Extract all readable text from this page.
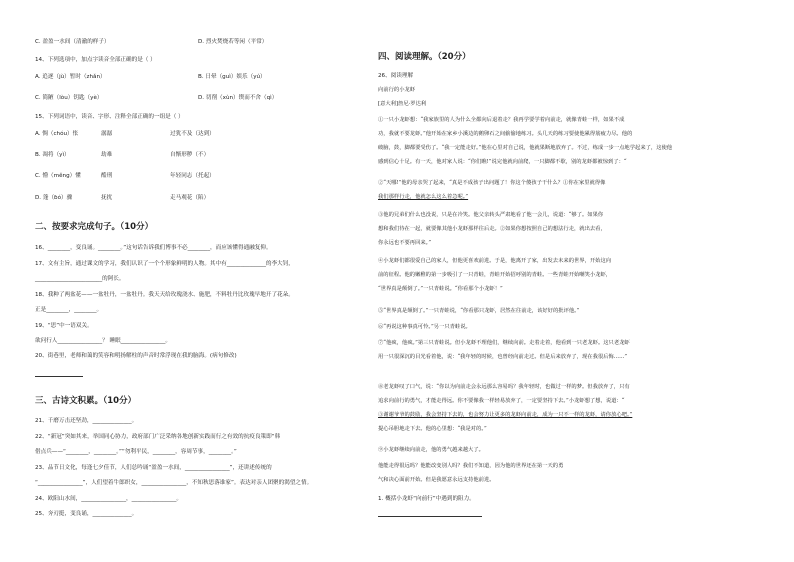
C. 盈盈一水间（清澈的样子）	D. 烈火焚烧若等闲（平常）
14、下列选项中，加点字读音全部正确的是（ ）
A. 追逐（jù）暂时（zhǎn）	B. 日晕（guì）娱乐（yú）
C. 简陋（lòu）钥匙（yè）	D. 切削（xùn）锲而不舍（qì）
15、下列词语中，读音、字形、注释全部正确的一组是（ ）
A. 惆（chóu）怅	潺潺	过犹不及（达到）
B. 凋将（yì）	劫难	自惭形秽（不）
C. 懵（měng）懂	酷刑	年轻同志（托起）
D. 蓬（ɓó）骤	抚扰	走马观花（陷）
二、按要求完成句子。（10分）
16、________，变良诵。________。”这句话告诉我们博事不必________，而应该懂得通融复仰。
17、文有主旨，通过课文的学习，我们认识了一个个形象鲜明的人物。其中有______________的李大钊，
________________________的阿长。
18、我种了两盆花——一盆牡丹，一盆牡丹。我天天给玫瑰浇水、施肥，不料牡丹比玫瑰早地开了花朵。
正是________，________。
19、“思”中一语双关。
欲问行人________________？ 睡眠________________。
20、街巷里，老师和蔼的笑容和明扬解柱的声音时常浮现在我的脑海。(病句修改)
三、古诗文积累。（10分）
21、千磨万击还坚劲，______________。
22、“新冠”突如其来，举国同心协力，政府部门广泛采纳各地创新实践而行之有效的抗疫良策即“韩
借点兵——“________，________。”“勿利平民，________，容周节事，________。”
23、品节日文化，每逢七夕佳节，人们总吟诵“盈盈一水间，________________”，还讲述传统的
“________________”，人们望着牛郎织女，________________，不知秋思落谁家”。表达对亲人团聚的渴望之情。
24、欧阳山水间，________________，________________。
25、夯刃挺，变良诵，______________。
四、阅读理解。（20分）
26、阅读理解
向前行的小龙虾
[意大利]詹尼·罗达利
①一只小龙虾想：“我家族里的人为什么全都向后退着走？我再学要学着向前走，就像青蛙一样，如果不成
功，我就不要龙虾。”他开始在家乡小溪边的鹅卵石之间偷偷地练习。头几天的练习要使他累得筋疲力尽。他的
破脑，鼓，脚都要受伤了。“我一定能走好。”他在心里对自己说，他就果断地放弃了。不过，练成一步一点地学起来了，这使他
感到信心十足。有一天，他对家人说：“你们瞧!”说完他就向前爬，一只脚都不歇，别的龙虾都被惊到了：“
②“天哪!”他的母亲哭了起来，“真是不成孩子出问题了！你这个傻孩子干什么？①你在家里就得像
我们那样行走，他就怎么这么着急呢。”
③他的兄弟们什么也没说，只是在冷笑。他父亲转头严肃地看了他一会儿，说道：“够了。如果你
想和我们待在一起，就要像其他小龙虾那样往后走。②如果你想按照自己的想法行走，就出去看，
你永远也不要再回来。”
④小龙虾们都很爱自己的家人，但他更喜欢前进。于是，他离开了家，出发去未来的世界，开始这向
前的征程。他的嫩稚的第一步吸引了一只青蛙，青蛙开始招呼别的青蛙。一些青蛙开始嘲笑小龙虾，
“世界真是颠倒了。”一只青蛙说。“你看那个小龙虾！”
⑤“世界真是颠倒了。”一只青蛙说，“你看那只龙虾，居然在往前走，该好好的批评他。”
⑥“再说这种事真可怜。”另一只青蛙说。
⑦“他疯，他疯。”第三只青蛙说。但小龙虾不理他们，继续向前。走着走着，他看到一只老龙虾。这只老龙虾
用一只很深沉的目光看着他，说：“我年轻的时候，也曾经向前走过。但是后来放弃了，现在我很后悔……”
⑧老龙虾叹了口气，说：“你以为向前走会永远那么容易吗？我年轻时，也做过一样的梦。但我放弃了，只有
追求向前行的勇气，才能走得远。你不要像我一样轻易放弃了，一定要坚持下去。”小龙虾想了想，说道：“
③谢谢爷爷的鼓励，我会坚持下去的，也会努力让更多的龙虾向前走，成为一只不一样的龙虾，请你放心吧。”
提心吊胆地走下去。他的心里想：“我是对的。”
⑨小龙虾继续向前走，他的勇气越来越大了。
他能走得很远吗？他能改变别人吗？我们不知道，因为他的世界还在第一天的勇
气和决心面前开始。但是我愿意永远支持他前进。
1. 概括小龙虾“向前行”中遇到的阻力。
